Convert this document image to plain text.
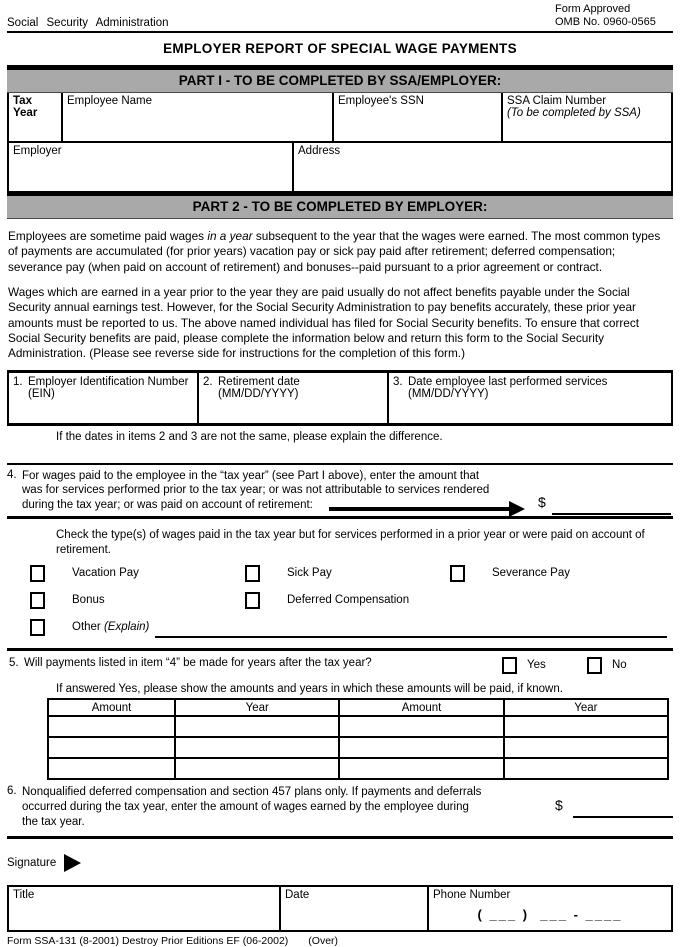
Social Security Administration
Form Approved
OMB No. 0960-0565
EMPLOYER REPORT OF SPECIAL WAGE PAYMENTS
PART I - TO BE COMPLETED BY SSA/EMPLOYER:
Tax Year
Employee Name	Employee's SSN	SSA Claim Number
(To be completed by SSA)
Employer	Address
PART 2 - TO BE COMPLETED BY EMPLOYER:
Employees are sometime paid wages in a year subsequent to the year that the wages were earned. The most common types of payments are accumulated (for prior years) vacation pay or sick pay paid after retirement; deferred compensation; severance pay (when paid on account of retirement) and bonuses--paid pursuant to a prior agreement or contract.
Wages which are earned in a year prior to the year they are paid usually do not affect benefits payable under the Social Security annual earnings test. However, for the Social Security Administration to pay benefits accurately, these prior year amounts must be reported to us. The above named individual has filed for Social Security benefits. To ensure that correct Social Security benefits are paid, please complete the information below and return this form to the Social Security Administration. (Please see reverse side for instructions for the completion of this form.)
1. Employer Identification Number
(EIN)
2. Retirement date
(MM/DD/YYYY)
3. Date employee last performed services
(MM/DD/YYYY)
If the dates in items 2 and 3 are not the same, please explain the difference.
4. For wages paid to the employee in the “tax year” (see Part I above), enter the amount that
was for services performed prior to the tax year; or was not attributable to services rendered
during the tax year; or was paid on account of retirement:	$
Check the type(s) of wages paid in the tax year but for services performed in a prior year or were paid on account of retirement.
Vacation Pay	Sick Pay	Severance Pay
Bonus	Deferred Compensation
Other (Explain)
5. Will payments listed in item “4” be made for years after the tax year?	Yes	No
If answered Yes, please show the amounts and years in which these amounts will be paid, if known.
Amount	Year	Amount	Year

6. Nonqualified deferred compensation and section 457 plans only. If payments and deferrals
occurred during the tax year, enter the amount of wages earned by the employee during
the tax year.
$
Signature
Title	Date	Phone Number
( ___ )  ___ - ____
Form SSA-131 (8-2001) Destroy Prior Editions EF (06-2002) (Over)
